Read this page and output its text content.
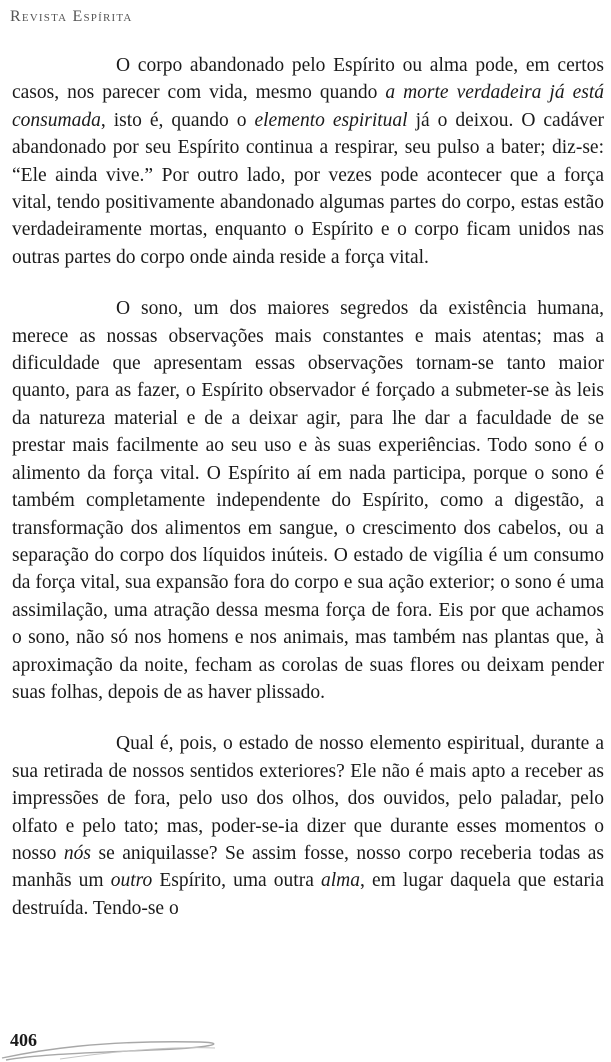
Revista Espírita

O corpo abandonado pelo Espírito ou alma pode, em certos casos, nos parecer com vida, mesmo quando a morte verdadeira já está consumada, isto é, quando o elemento espiritual já o deixou. O cadáver abandonado por seu Espírito continua a respirar, seu pulso a bater; diz-se: “Ele ainda vive.” Por outro lado, por vezes pode acontecer que a força vital, tendo positivamente abandonado algumas partes do corpo, estas estão verdadeiramente mortas, enquanto o Espírito e o corpo ficam unidos nas outras partes do corpo onde ainda reside a força vital.

O sono, um dos maiores segredos da existência humana, merece as nossas observações mais constantes e mais atentas; mas a dificuldade que apresentam essas observações tornam-se tanto maior quanto, para as fazer, o Espírito observador é forçado a submeter-se às leis da natureza material e de a deixar agir, para lhe dar a faculdade de se prestar mais facilmente ao seu uso e às suas experiências. Todo sono é o alimento da força vital. O Espírito aí em nada participa, porque o sono é também completamente independente do Espírito, como a digestão, a transformação dos alimentos em sangue, o crescimento dos cabelos, ou a separação do corpo dos líquidos inúteis. O estado de vigília é um consumo da força vital, sua expansão fora do corpo e sua ação exterior; o sono é uma assimilação, uma atração dessa mesma força de fora. Eis por que achamos o sono, não só nos homens e nos animais, mas também nas plantas que, à aproximação da noite, fecham as corolas de suas flores ou deixam pender suas folhas, depois de as haver plissado.

Qual é, pois, o estado de nosso elemento espiritual, durante a sua retirada de nossos sentidos exteriores? Ele não é mais apto a receber as impressões de fora, pelo uso dos olhos, dos ouvidos, pelo paladar, pelo olfato e pelo tato; mas, poder-se-ia dizer que durante esses momentos o nosso nós se aniquilasse? Se assim fosse, nosso corpo receberia todas as manhãs um outro Espírito, uma outra alma, em lugar daquela que estaria destruída. Tendo-se o

406
